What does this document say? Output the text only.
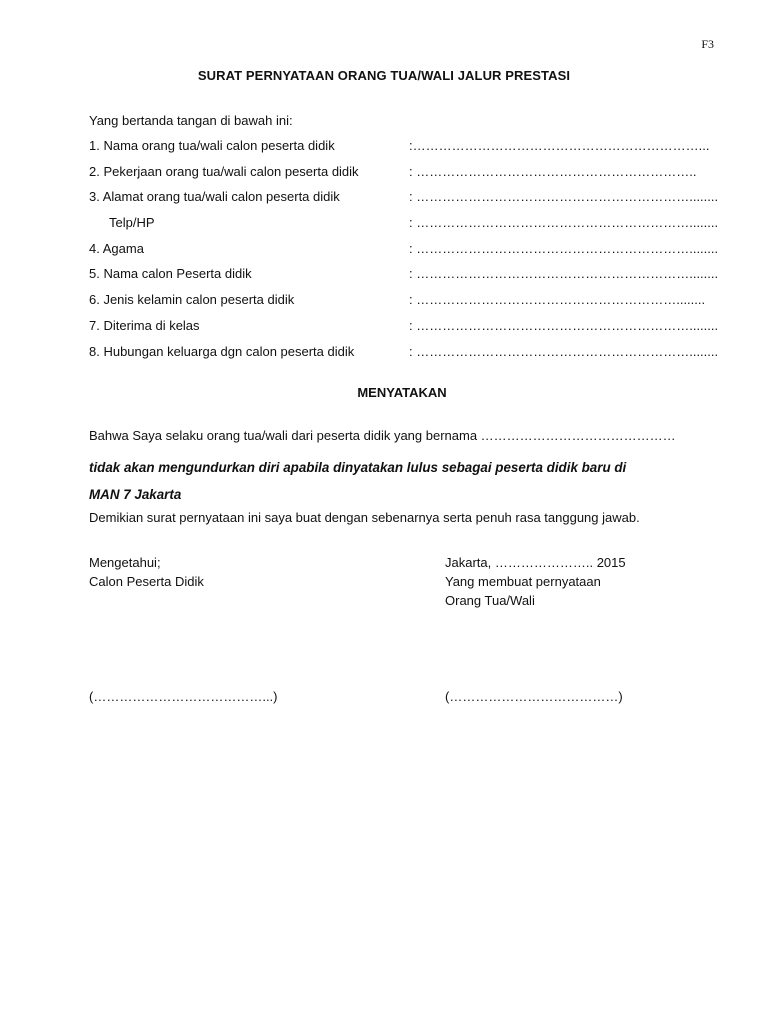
F3
SURAT PERNYATAAN ORANG TUA/WALI JALUR PRESTASI
Yang bertanda tangan di bawah ini:
1. Nama orang tua/wali calon peserta didik	:…………………………………………………………...
2. Pekerjaan orang tua/wali calon peserta didik	: ………………………………………………………..
3. Alamat orang tua/wali calon peserta didik	: ………………………………………………………........
Telp/HP	: ………………………………………………………........
4. Agama	: ………………………………………………………........
5. Nama calon Peserta didik	: ………………………………………………………........
6. Jenis kelamin calon peserta didik	: ……………………………………………………........
7. Diterima di kelas	: ………………………………………………………........
8. Hubungan keluarga dgn calon peserta didik	: ………………………………………………………........
MENYATAKAN
Bahwa Saya selaku orang tua/wali dari peserta didik yang bernama ………………………………………
tidak akan mengundurkan diri apabila dinyatakan lulus sebagai peserta didik baru di
MAN 7 Jakarta
Demikian surat pernyataan ini saya buat dengan sebenarnya serta penuh rasa tanggung jawab.
Mengetahui;
Calon Peserta Didik
Jakarta, ………………….. 2015
Yang membuat pernyataan
Orang Tua/Wali
(…………………………………...)	(…………………………………)
